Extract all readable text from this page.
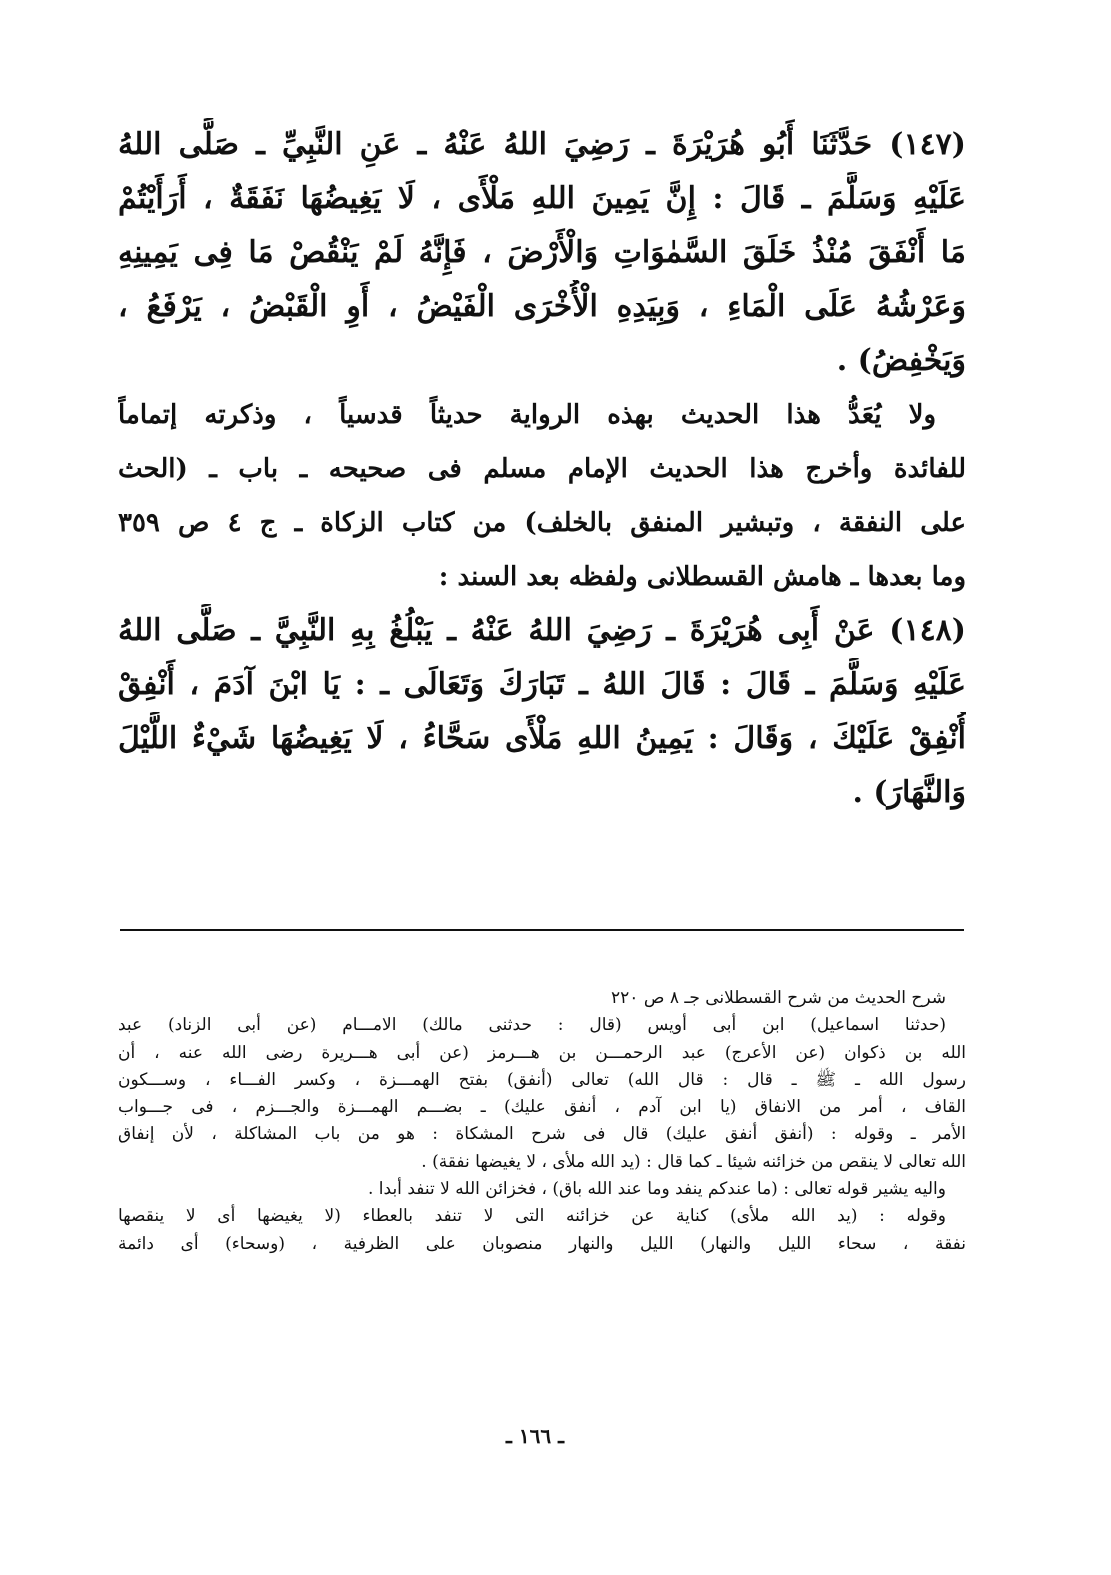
(١٤٧) حَدَّثَنَا أَبُو هُرَيْرَةَ ـ رَضِيَ اللهُ عَنْهُ ـ عَنِ النَّبِيِّ ـ صَلَّى اللهُ
عَلَيْهِ وَسَلَّمَ ـ قَالَ : إِنَّ يَمِينَ اللهِ مَلْأَى ، لَا يَغِيضُهَا نَفَقَةٌ ، أَرَأَيْتُمْ
مَا أَنْفَقَ مُنْذُ خَلَقَ السَّمٰوَاتِ وَالْأَرْضَ ، فَإِنَّهُ لَمْ يَنْقُصْ مَا فِى يَمِينِهِ
وَعَرْشُهُ عَلَى الْمَاءِ ، وَبِيَدِهِ الْأُخْرَى الْفَيْضُ ، أَوِ الْقَبْضُ ، يَرْفَعُ ،
وَيَخْفِضُ) .
ولا يُعَدُّ هذا الحديث بهذه الرواية حديثاً قدسياً ، وذكرته إتماماً
للفائدة وأخرج هذا الحديث الإمام مسلم فى صحيحه ـ باب ـ (الحث
على النفقة ، وتبشير المنفق بالخلف) من كتاب الزكاة ـ ج ٤ ص ٣٥٩
وما بعدها ـ هامش القسطلانى ولفظه بعد السند :
(١٤٨) عَنْ أَبِى هُرَيْرَةَ ـ رَضِيَ اللهُ عَنْهُ ـ يَبْلُغُ بِهِ النَّبِيَّ ـ صَلَّى اللهُ
عَلَيْهِ وَسَلَّمَ ـ قَالَ : قَالَ اللهُ ـ تَبَارَكَ وَتَعَالَى ـ : يَا ابْنَ آدَمَ ، أَنْفِقْ
أُنْفِقْ عَلَيْكَ ، وَقَالَ : يَمِينُ اللهِ مَلْأَى سَحَّاءُ ، لَا يَغِيضُهَا شَيْءٌ اللَّيْلَ
وَالنَّهَارَ) .
شرح الحديث من شرح القسطلانى جـ ٨ ص ٢٢٠
(حدثنا اسماعيل) ابن أبى أويس (قال : حدثنى مالك) الامـــام (عن أبى الزناد) عبد
الله بن ذكوان (عن الأعرج) عبد الرحمـــن بن هـــرمز (عن أبى هـــريرة رضى الله عنه ، أن
رسول الله ـ ﷺ ـ قال : قال الله) تعالى (أنفق) بفتح الهمـــزة ، وكسر الفـــاء ، وســـكون
القاف ، أمر من الانفاق (يا ابن آدم ، أنفق عليك) ـ بضـــم الهمـــزة والجـــزم ، فى جـــواب
الأمر ـ وقوله : (أنفق أنفق عليك) قال فى شرح المشكاة : هو من باب المشاكلة ، لأن إنفاق
الله تعالى لا ينقص من خزائنه شيئا ـ كما قال : (يد الله ملأى ، لا يغيضها نفقة) .
واليه يشير قوله تعالى : (ما عندكم ينفد وما عند الله باق) ، فخزائن الله لا تنفد أبدا .
وقوله : (يد الله ملأى) كناية عن خزائنه التى لا تنفد بالعطاء (لا يغيضها أى لا ينقصها
نفقة ، سحاء الليل والنهار) الليل والنهار منصوبان على الظرفية ، (وسحاء) أى دائمة
ـ ١٦٦ ـ
